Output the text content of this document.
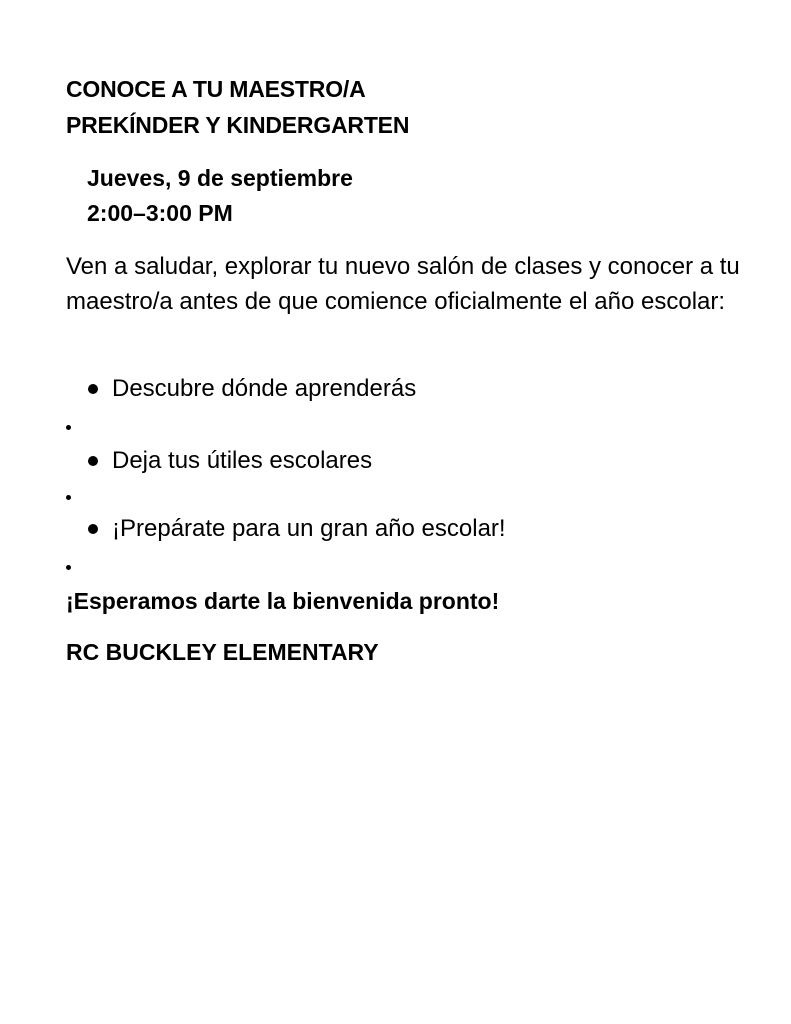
CONOCE A TU MAESTRO/A
PREKÍNDER Y KINDERGARTEN
Jueves, 9 de septiembre
2:00–3:00 PM
Ven a saludar, explorar tu nuevo salón de clases y conocer a tu maestro/a antes de que comience oficialmente el año escolar:
Descubre dónde aprenderás
Deja tus útiles escolares
¡Prepárate para un gran año escolar!
¡Esperamos darte la bienvenida pronto!
RC BUCKLEY ELEMENTARY
